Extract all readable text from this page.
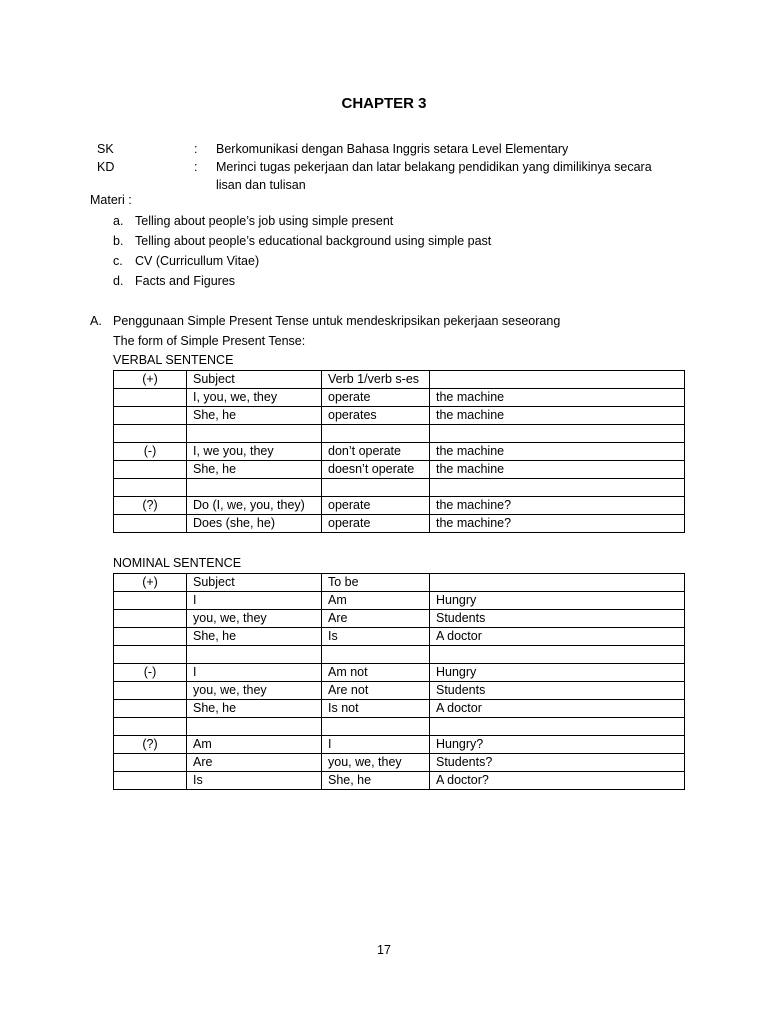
CHAPTER 3
SK	:	Berkomunikasi dengan Bahasa Inggris setara Level Elementary
KD	:	Merinci tugas pekerjaan dan latar belakang pendidikan yang dimilikinya secara lisan dan tulisan
Materi :
a. Telling about people’s job using simple present
b. Telling about people’s educational background using simple past
c. CV (Curricullum Vitae)
d. Facts and Figures
A. Penggunaan Simple Present Tense untuk mendeskripsikan pekerjaan seseorang
The form of Simple Present Tense:
VERBAL SENTENCE
(+)	Subject	Verb 1/verb s-es	
	I, you, we, they	operate	the machine
	She, he	operates	the machine

(-)	I, we you, they	don’t operate	the machine
	She, he	doesn’t operate	the machine

(?)	Do (I, we, you, they)	operate	the machine?
	Does (she, he)	operate	the machine?
NOMINAL SENTENCE
(+)	Subject	To be	
	I	Am	Hungry
	you, we, they	Are	Students
	She, he	Is	A doctor

(-)	I	Am not	Hungry
	you, we, they	Are not	Students
	She, he	Is not	A doctor

(?)	Am	I	Hungry?
	Are	you, we, they	Students?
	Is	She, he	A doctor?
17
